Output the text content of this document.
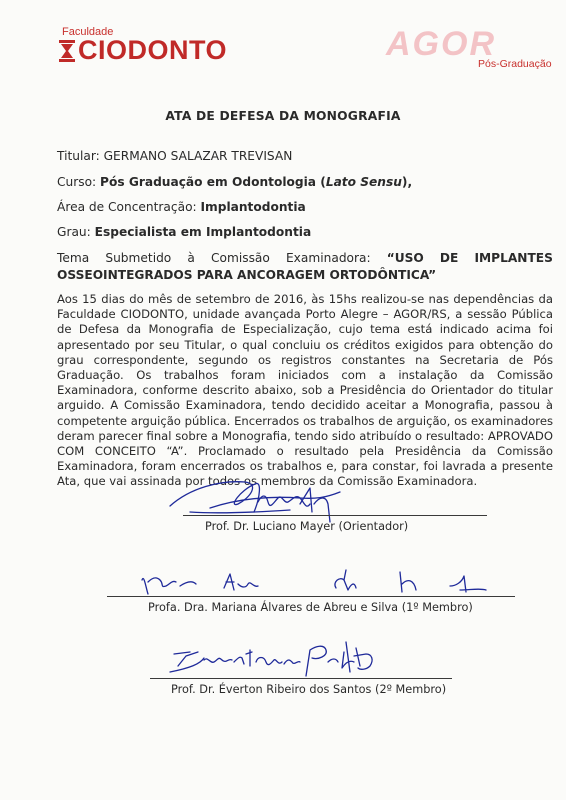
Faculdade
CIODONTO	AGOR
Pós-Graduação
ATA DE DEFESA DA MONOGRAFIA
Titular: GERMANO SALAZAR TREVISAN
Curso: Pós Graduação em Odontologia (Lato Sensu),
Área de Concentração: Implantodontia
Grau: Especialista em Implantodontia
Tema Submetido à Comissão Examinadora: “USO DE IMPLANTES
OSSEOINTEGRADOS PARA ANCORAGEM ORTODÔNTICA”
Aos 15 dias do mês de setembro de 2016, às 15hs realizou-se nas dependências da Faculdade CIODONTO, unidade avançada Porto Alegre – AGOR/RS, a sessão Pública de Defesa da Monografia de Especialização, cujo tema está indicado acima foi apresentado por seu Titular, o qual concluiu os créditos exigidos para obtenção do grau correspondente, segundo os registros constantes na Secretaria de Pós Graduação. Os trabalhos foram iniciados com a instalação da Comissão Examinadora, conforme descrito abaixo, sob a Presidência do Orientador do titular arguido. A Comissão Examinadora, tendo decidido aceitar a Monografia, passou à competente arguição pública. Encerrados os trabalhos de arguição, os examinadores deram parecer final sobre a Monografia, tendo sido atribuído o resultado: APROVADO COM CONCEITO “A”. Proclamado o resultado pela Presidência da Comissão Examinadora, foram encerrados os trabalhos e, para constar, foi lavrada a presente Ata, que vai assinada por todos os membros da Comissão Examinadora.
Prof. Dr. Luciano Mayer (Orientador)
Profa. Dra. Mariana Álvares de Abreu e Silva (1º Membro)
Prof. Dr. Éverton Ribeiro dos Santos (2º Membro)
